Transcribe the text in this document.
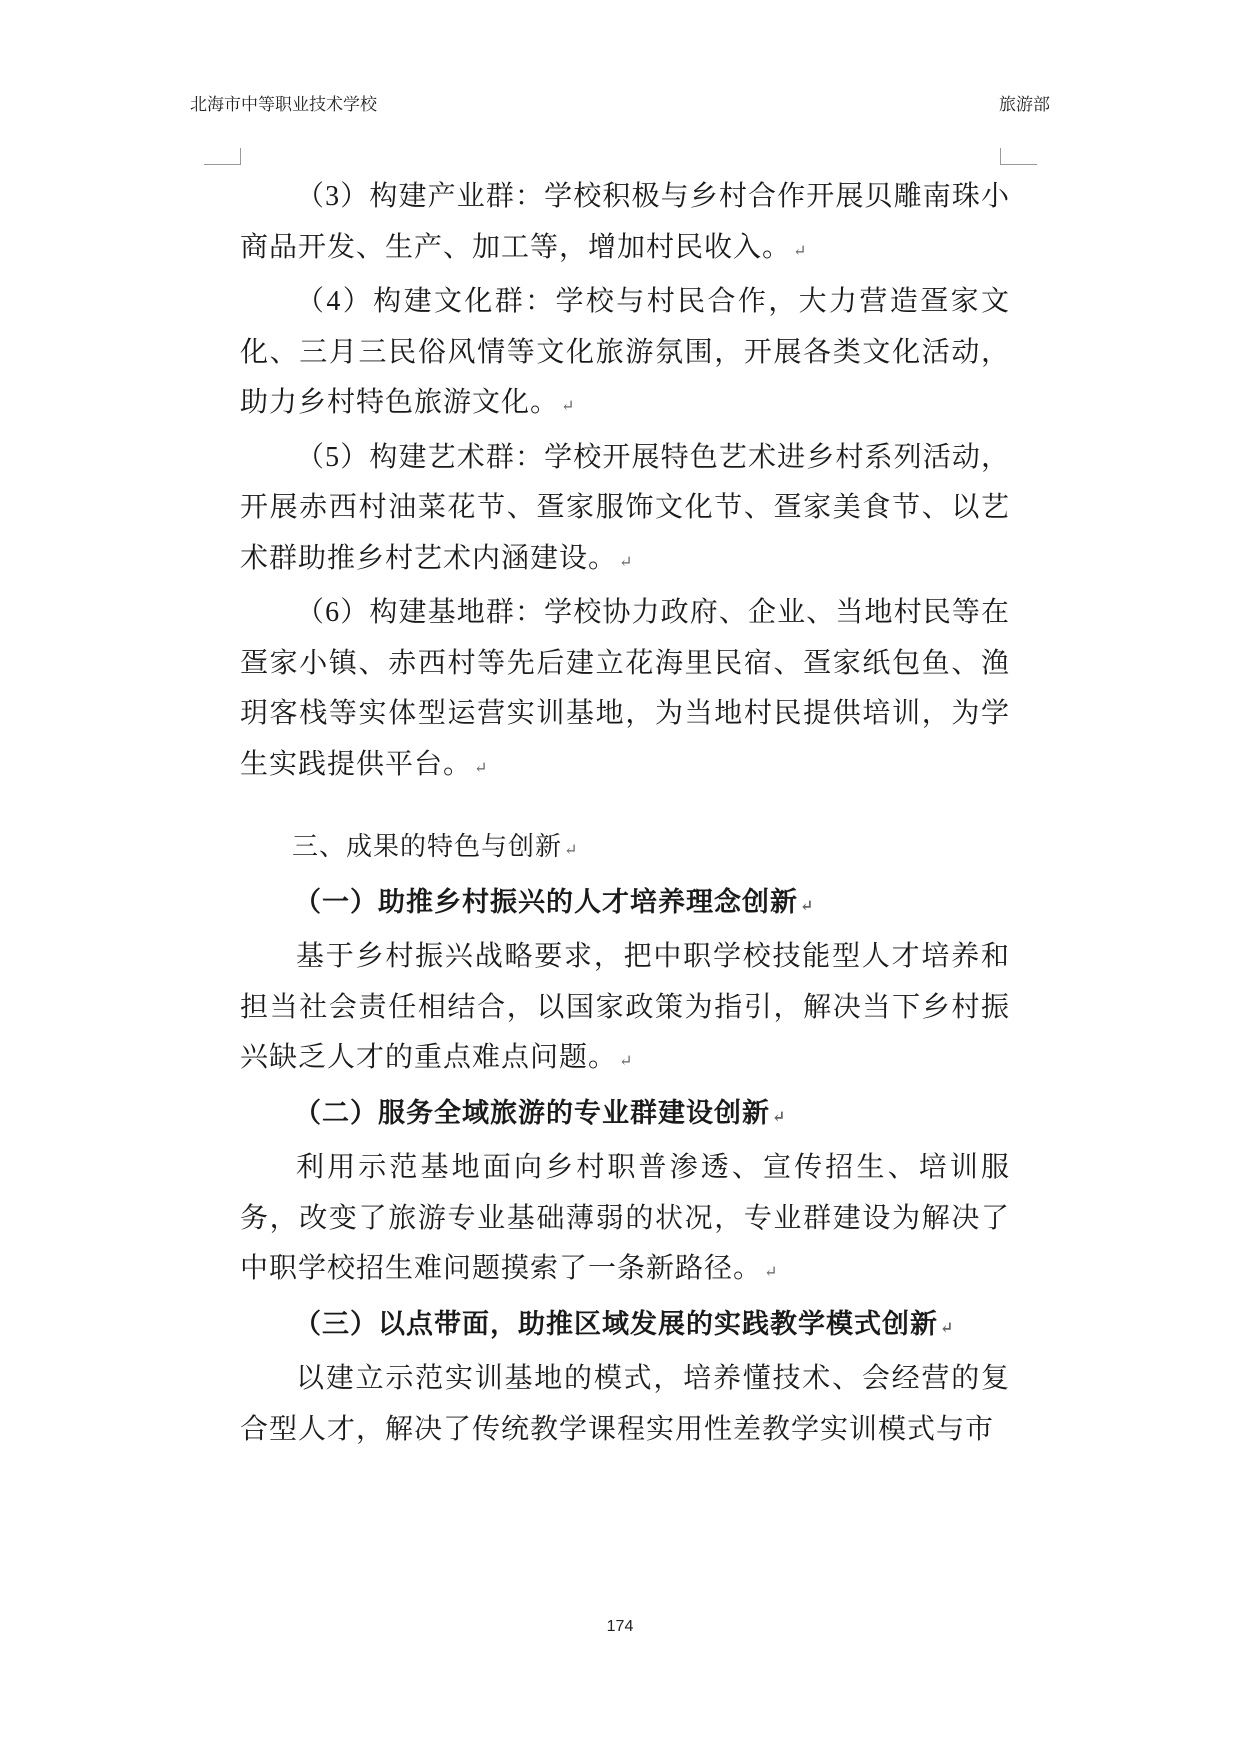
北海市中等职业技术学校	旅游部

（3）构建产业群：学校积极与乡村合作开展贝雕南珠小商品开发、生产、加工等，增加村民收入。 ↵

（4）构建文化群：学校与村民合作，大力营造疍家文化、三月三民俗风情等文化旅游氛围，开展各类文化活动，助力乡村特色旅游文化。 ↵

（5）构建艺术群：学校开展特色艺术进乡村系列活动，开展赤西村油菜花节、疍家服饰文化节、疍家美食节、以艺术群助推乡村艺术内涵建设。 ↵

（6）构建基地群：学校协力政府、企业、当地村民等在疍家小镇、赤西村等先后建立花海里民宿、疍家纸包鱼、渔玥客栈等实体型运营实训基地，为当地村民提供培训，为学生实践提供平台。 ↵

三、成果的特色与创新 ↵

（一）助推乡村振兴的人才培养理念创新 ↵

基于乡村振兴战略要求，把中职学校技能型人才培养和担当社会责任相结合，以国家政策为指引，解决当下乡村振兴缺乏人才的重点难点问题。 ↵

（二）服务全域旅游的专业群建设创新 ↵

利用示范基地面向乡村职普渗透、宣传招生、培训服务，改变了旅游专业基础薄弱的状况，专业群建设为解决了中职学校招生难问题摸索了一条新路径。 ↵

（三）以点带面，助推区域发展的实践教学模式创新 ↵

以建立示范实训基地的模式，培养懂技术、会经营的复合型人才，解决了传统教学课程实用性差教学实训模式与市

174
